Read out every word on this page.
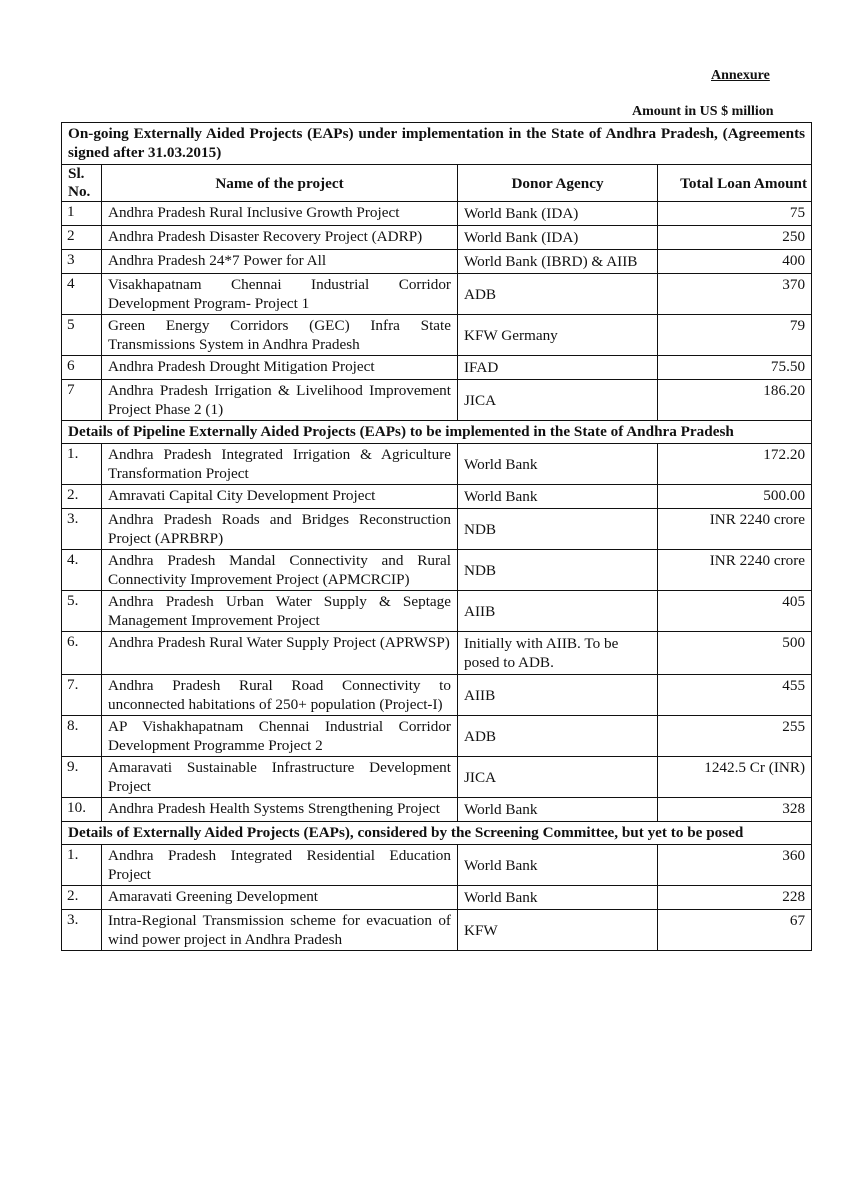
Annexure
Amount in US $ million
On-going Externally Aided Projects (EAPs) under implementation in the State of Andhra Pradesh, (Agreements signed after 31.03.2015)			
Sl. No.	Name of the project	Donor Agency	Total Loan Amount
1	Andhra Pradesh Rural Inclusive Growth Project	World Bank (IDA)	75
2	Andhra Pradesh Disaster Recovery Project (ADRP)	World Bank (IDA)	250
3	Andhra Pradesh 24*7 Power for All	World Bank (IBRD) & AIIB	400
4	Visakhapatnam Chennai Industrial Corridor Development Program- Project 1	ADB	370
5	Green Energy Corridors (GEC) Infra State Transmissions System in Andhra Pradesh	KFW Germany	79
6	Andhra Pradesh Drought Mitigation Project	IFAD	75.50
7	Andhra Pradesh Irrigation & Livelihood Improvement Project Phase 2 (1)	JICA	186.20
Details of Pipeline Externally Aided Projects (EAPs) to be implemented in the State of Andhra Pradesh			
1.	Andhra Pradesh Integrated Irrigation & Agriculture Transformation Project	World Bank	172.20
2.	Amravati Capital City Development Project	World Bank	500.00
3.	Andhra Pradesh Roads and Bridges Reconstruction Project (APRBRP)	NDB	INR 2240 crore
4.	Andhra Pradesh Mandal Connectivity and Rural Connectivity Improvement Project (APMCRCIP)	NDB	INR 2240 crore
5.	Andhra Pradesh Urban Water Supply & Septage Management Improvement Project	AIIB	405
6.	Andhra Pradesh Rural Water Supply Project (APRWSP)	Initially with AIIB. To be posed to ADB.	500
7.	Andhra Pradesh Rural Road Connectivity to unconnected habitations of 250+ population (Project-I)	AIIB	455
8.	AP Vishakhapatnam Chennai Industrial Corridor Development Programme Project 2	ADB	255
9.	Amaravati Sustainable Infrastructure Development Project	JICA	1242.5 Cr (INR)
10.	Andhra Pradesh Health Systems Strengthening Project	World Bank	328
Details of Externally Aided Projects (EAPs), considered by the Screening Committee, but yet to be posed			
1.	Andhra Pradesh Integrated Residential Education Project	World Bank	360
2.	Amaravati Greening Development	World Bank	228
3.	Intra-Regional Transmission scheme for evacuation of wind power project in Andhra Pradesh	KFW	67
